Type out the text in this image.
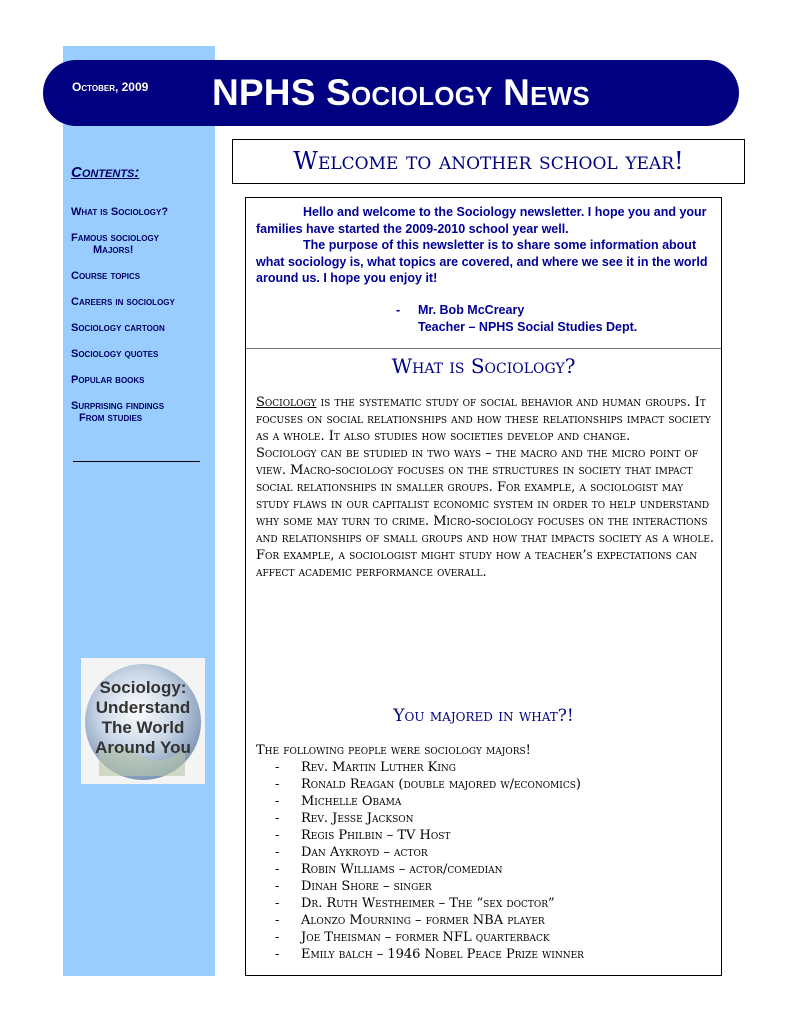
October, 2009 NPHS Sociology News
Contents:
What is Sociology?
Famous sociology
Majors!
Course topics
Careers in sociology
Sociology cartoon
Sociology quotes
Popular books
Surprising findings
From studies
Sociology:
Understand
The World
Around You
Welcome to another school year!

Hello and welcome to the Sociology newsletter. I hope you and your families have started the 2009-2010 school year well.

The purpose of this newsletter is to share some information about what sociology is, what topics are covered, and where we see it in the world around us. I hope you enjoy it!

- Mr. Bob McCreary
Teacher – NPHS Social Studies Dept.
What is Sociology?

Sociology is the systematic study of social behavior and human groups. It focuses on social relationships and how these relationships impact society as a whole. It also studies how societies develop and change.

Sociology can be studied in two ways – the macro and the micro point of view. Macro-sociology focuses on the structures in society that impact social relationships in smaller groups. For example, a sociologist may study flaws in our capitalist economic system in order to help understand why some may turn to crime. Micro-sociology focuses on the interactions and relationships of small groups and how that impacts society as a whole. For example, a sociologist might study how a teacher’s expectations can affect academic performance overall.

You majored in what?!
The following people were sociology majors!
- Rev. Martin Luther King
- Ronald Reagan (double majored w/economics)
- Michelle Obama
- Rev. Jesse Jackson
- Regis Philbin – TV Host
- Dan Aykroyd – actor
- Robin Williams – actor/comedian
- Dinah Shore – singer
- Dr. Ruth Westheimer – The “sex doctor”
- Alonzo Mourning – former NBA player
- Joe Theisman – former NFL quarterback
- Emily balch – 1946 Nobel Peace Prize winner
